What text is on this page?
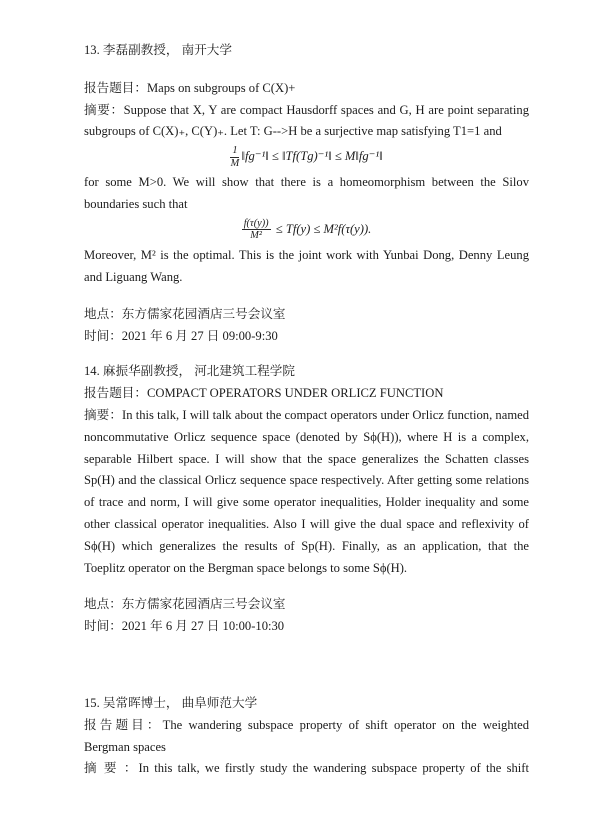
13. 李磊副教授， 南开大学

报告题目：Maps on subgroups of C(X)+

摘要：Suppose that X, Y are compact Hausdorff spaces and G, H are point separating subgroups of C(X)₊, C(Y)₊. Let T: G-->H be a surjective map satisfying T1=1 and

$\frac{1}{M}$ ‖fg⁻¹‖ ≤ ‖Tf(Tg)⁻¹‖ ≤ M‖fg⁻¹‖

for some M>0. We will show that there is a homeomorphism between the Silov boundaries such that

$\frac{f(\tau(y))}{\text{M²}} \le Tf(y) \le M^2f(\tau(y))$.

Moreover, M² is the optimal. This is the joint work with Yunbai Dong, Denny Leung and Liguang Wang.

地点：东方儒家花园酒店三号会议室

时间：2021 年 6 月 27 日 09:00-9:30

14. 麻振华副教授， 河北建筑工程学院

报告题目：COMPACT OPERATORS UNDER ORLICZ FUNCTION

摘要：In this talk, I will talk about the compact operators under Orlicz function, named noncommutative Orlicz sequence space (denoted by Sϕ(H)), where H is a complex, separable Hilbert space. I will show that the space generalizes the Schatten classes Sp(H) and the classical Orlicz sequence space respectively. After getting some relations of trace and norm, I will give some operator inequalities, Holder inequality and some other classical operator inequalities. Also I will give the dual space and reflexivity of Sϕ(H) which generalizes the results of Sp(H). Finally, as an application, that the Toeplitz operator on the Bergman space belongs to some Sϕ(H).

地点：东方儒家花园酒店三号会议室

时间：2021 年 6 月 27 日 10:00-10:30

15. 吴常晖博士， 曲阜师范大学

报告题目：The wandering subspace property of shift operator on the weighted Bergman spaces

摘 要 ：In this talk, we firstly study the wandering subspace property of the shift
